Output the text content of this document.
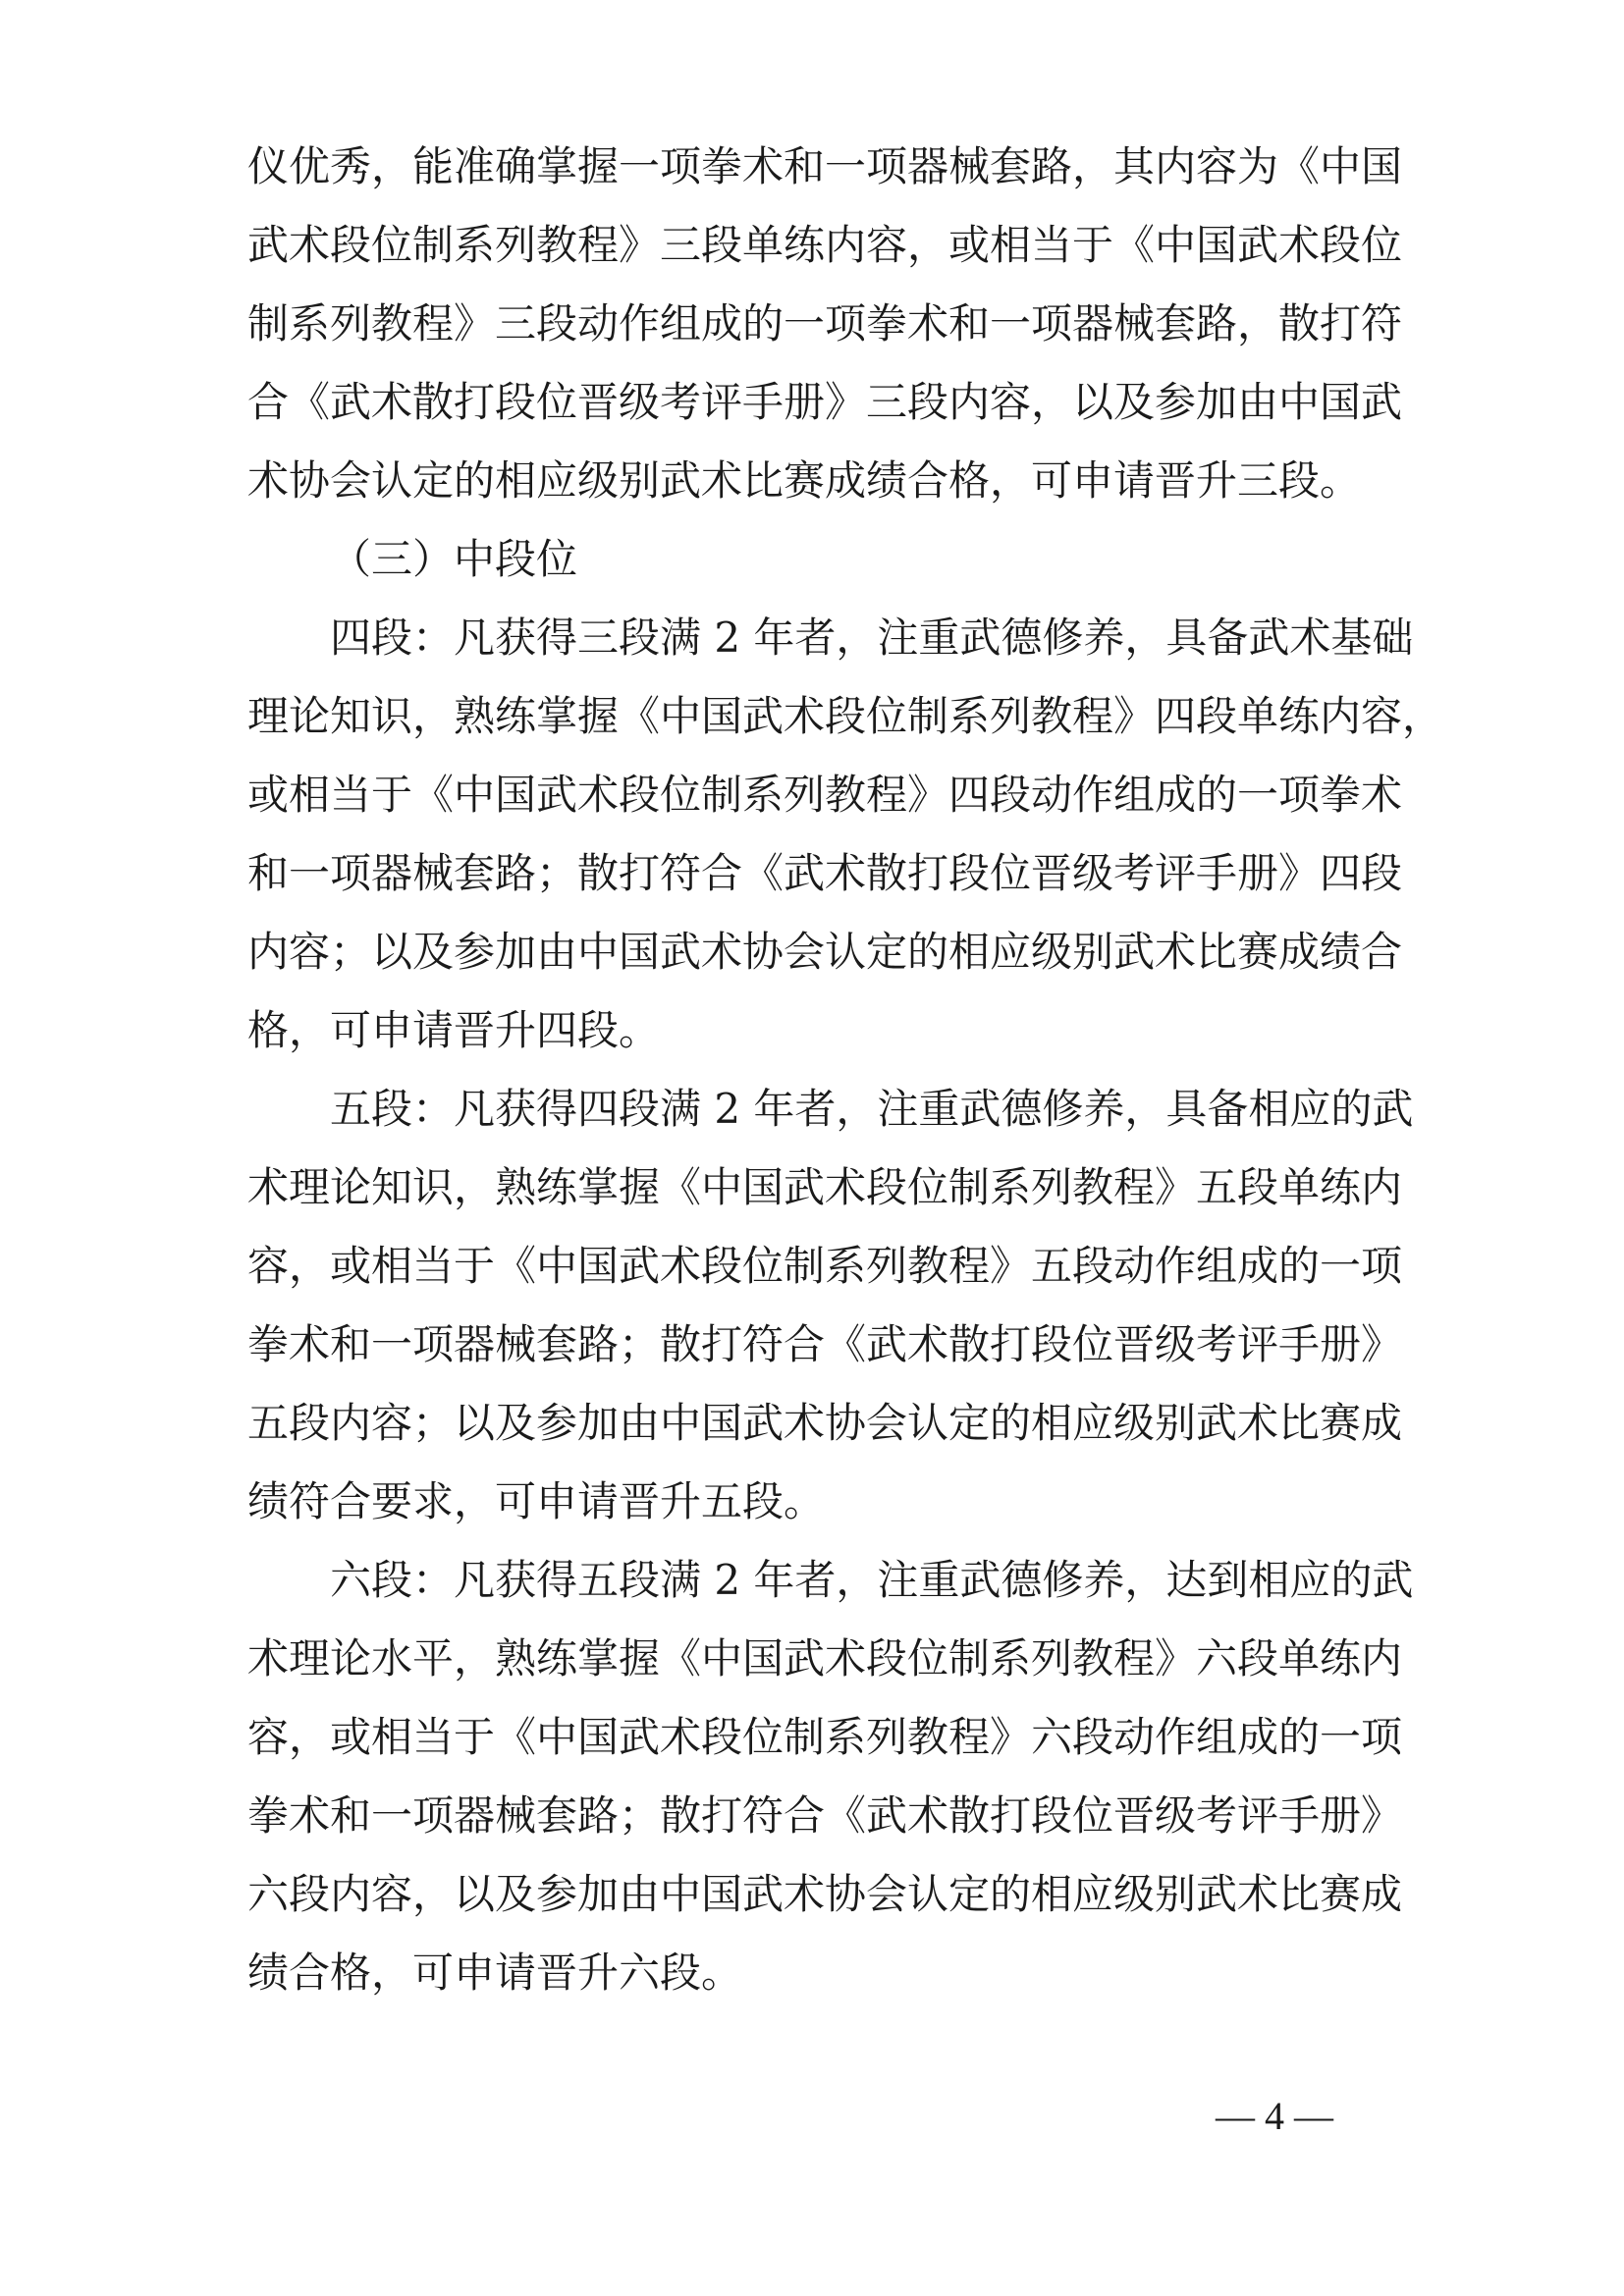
仪优秀，能准确掌握一项拳术和一项器械套路，其内容为《中国
武术段位制系列教程》三段单练内容，或相当于《中国武术段位
制系列教程》三段动作组成的一项拳术和一项器械套路，散打符
合《武术散打段位晋级考评手册》三段内容，以及参加由中国武
术协会认定的相应级别武术比赛成绩合格，可申请晋升三段。
（三）中段位
四段：凡获得三段满 2 年者，注重武德修养，具备武术基础
理论知识，熟练掌握《中国武术段位制系列教程》四段单练内容，
或相当于《中国武术段位制系列教程》四段动作组成的一项拳术
和一项器械套路；散打符合《武术散打段位晋级考评手册》四段
内容；以及参加由中国武术协会认定的相应级别武术比赛成绩合
格，可申请晋升四段。
五段：凡获得四段满 2 年者，注重武德修养，具备相应的武
术理论知识，熟练掌握《中国武术段位制系列教程》五段单练内
容，或相当于《中国武术段位制系列教程》五段动作组成的一项
拳术和一项器械套路；散打符合《武术散打段位晋级考评手册》
五段内容；以及参加由中国武术协会认定的相应级别武术比赛成
绩符合要求，可申请晋升五段。
六段：凡获得五段满 2 年者，注重武德修养，达到相应的武
术理论水平，熟练掌握《中国武术段位制系列教程》六段单练内
容，或相当于《中国武术段位制系列教程》六段动作组成的一项
拳术和一项器械套路；散打符合《武术散打段位晋级考评手册》
六段内容，以及参加由中国武术协会认定的相应级别武术比赛成
绩合格，可申请晋升六段。
— 4 —
